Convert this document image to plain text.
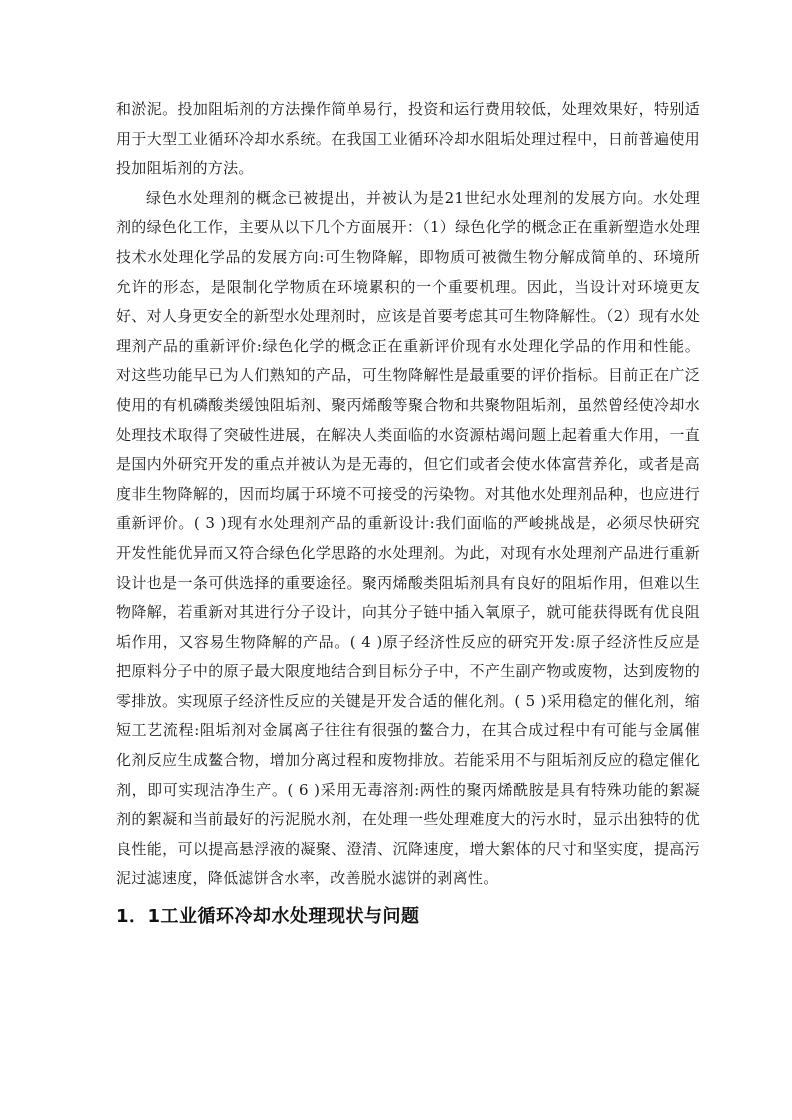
和淤泥。投加阻垢剂的方法操作简单易行，投资和运行费用较低，处理效果好，特别适用于大型工业循环冷却水系统。在我国工业循环冷却水阻垢处理过程中，日前普遍使用投加阻垢剂的方法。

绿色水处理剂的概念已被提出，并被认为是21世纪水处理剂的发展方向。水处理剂的绿色化工作，主要从以下几个方面展开：（1）绿色化学的概念正在重新塑造水处理技术水处理化学品的发展方向:可生物降解，即物质可被微生物分解成简单的、环境所允许的形态，是限制化学物质在环境累积的一个重要机理。因此，当设计对环境更友好、对人身更安全的新型水处理剂时，应该是首要考虑其可生物降解性。（2）现有水处理剂产品的重新评价:绿色化学的概念正在重新评价现有水处理化学品的作用和性能。对这些功能早已为人们熟知的产品，可生物降解性是最重要的评价指标。目前正在广泛使用的有机磷酸类缓蚀阻垢剂、聚丙烯酸等聚合物和共聚物阻垢剂，虽然曾经使冷却水处理技术取得了突破性进展，在解决人类面临的水资源枯竭问题上起着重大作用，一直是国内外研究开发的重点并被认为是无毒的，但它们或者会使水体富营养化，或者是高度非生物降解的，因而均属于环境不可接受的污染物。对其他水处理剂品种，也应进行重新评价。( 3 )现有水处理剂产品的重新设计:我们面临的严峻挑战是，必须尽快研究开发性能优异而又符合绿色化学思路的水处理剂。为此，对现有水处理剂产品进行重新设计也是一条可供选择的重要途径。聚丙烯酸类阻垢剂具有良好的阻垢作用，但难以生物降解，若重新对其进行分子设计，向其分子链中插入氧原子，就可能获得既有优良阻垢作用，又容易生物降解的产品。( 4 )原子经济性反应的研究开发:原子经济性反应是把原料分子中的原子最大限度地结合到目标分子中，不产生副产物或废物，达到废物的零排放。实现原子经济性反应的关键是开发合适的催化剂。( 5 )采用稳定的催化剂，缩短工艺流程:阻垢剂对金属离子往往有很强的鳌合力，在其合成过程中有可能与金属催化剂反应生成鳌合物，增加分离过程和废物排放。若能采用不与阻垢剂反应的稳定催化剂，即可实现洁净生产。( 6 )采用无毒溶剂:两性的聚丙烯酰胺是具有特殊功能的絮凝剂的絮凝和当前最好的污泥脱水剂，在处理一些处理难度大的污水时，显示出独特的优良性能，可以提高悬浮液的凝聚、澄清、沉降速度，增大絮体的尺寸和坚实度，提高污泥过滤速度，降低滤饼含水率，改善脱水滤饼的剥离性。

1．1工业循环冷却水处理现状与问题
